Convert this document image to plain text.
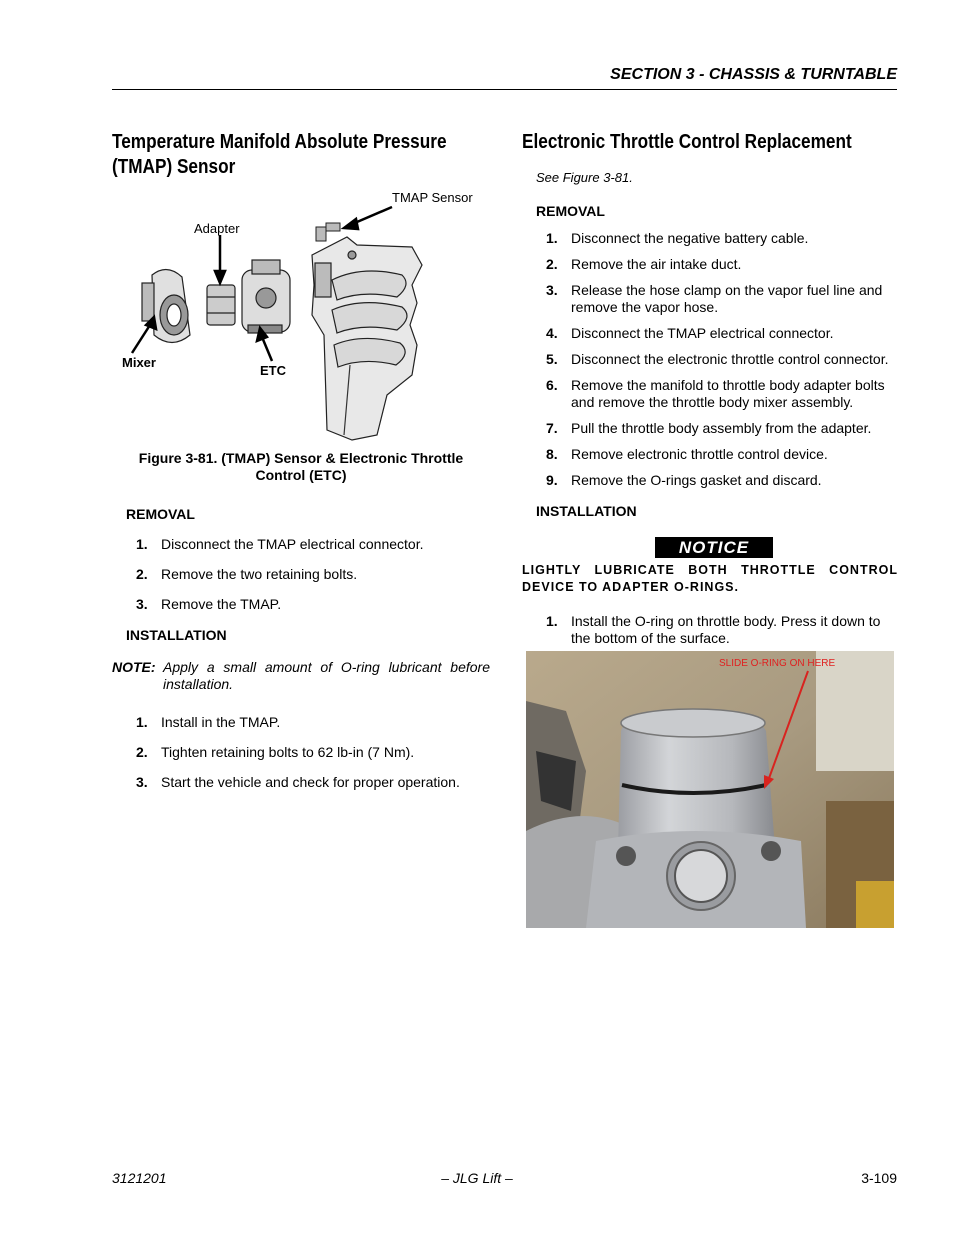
SECTION 3 - CHASSIS & TURNTABLE
Temperature Manifold Absolute Pressure
(TMAP) Sensor
TMAP Sensor
Adapter
Mixer
ETC
Figure 3-81. (TMAP) Sensor & Electronic Throttle
Control (ETC)
REMOVAL
1. Disconnect the TMAP electrical connector.
2. Remove the two retaining bolts.
3. Remove the TMAP.
INSTALLATION
NOTE: Apply a small amount of O-ring lubricant before installation.
1. Install in the TMAP.
2. Tighten retaining bolts to 62 lb-in (7 Nm).
3. Start the vehicle and check for proper operation.
Electronic Throttle Control Replacement
See Figure 3-81.
REMOVAL
1. Disconnect the negative battery cable.
2. Remove the air intake duct.
3. Release the hose clamp on the vapor fuel line and remove the vapor hose.
4. Disconnect the TMAP electrical connector.
5. Disconnect the electronic throttle control connector.
6. Remove the manifold to throttle body adapter bolts and remove the throttle body mixer assembly.
7. Pull the throttle body assembly from the adapter.
8. Remove electronic throttle control device.
9. Remove the O-rings gasket and discard.
INSTALLATION
NOTICE
LIGHTLY LUBRICATE BOTH THROTTLE CONTROL DEVICE TO ADAPTER O-RINGS.
1. Install the O-ring on throttle body. Press it down to the bottom of the surface.
SLIDE O-RING ON HERE
3121201	– JLG Lift –	3-109
